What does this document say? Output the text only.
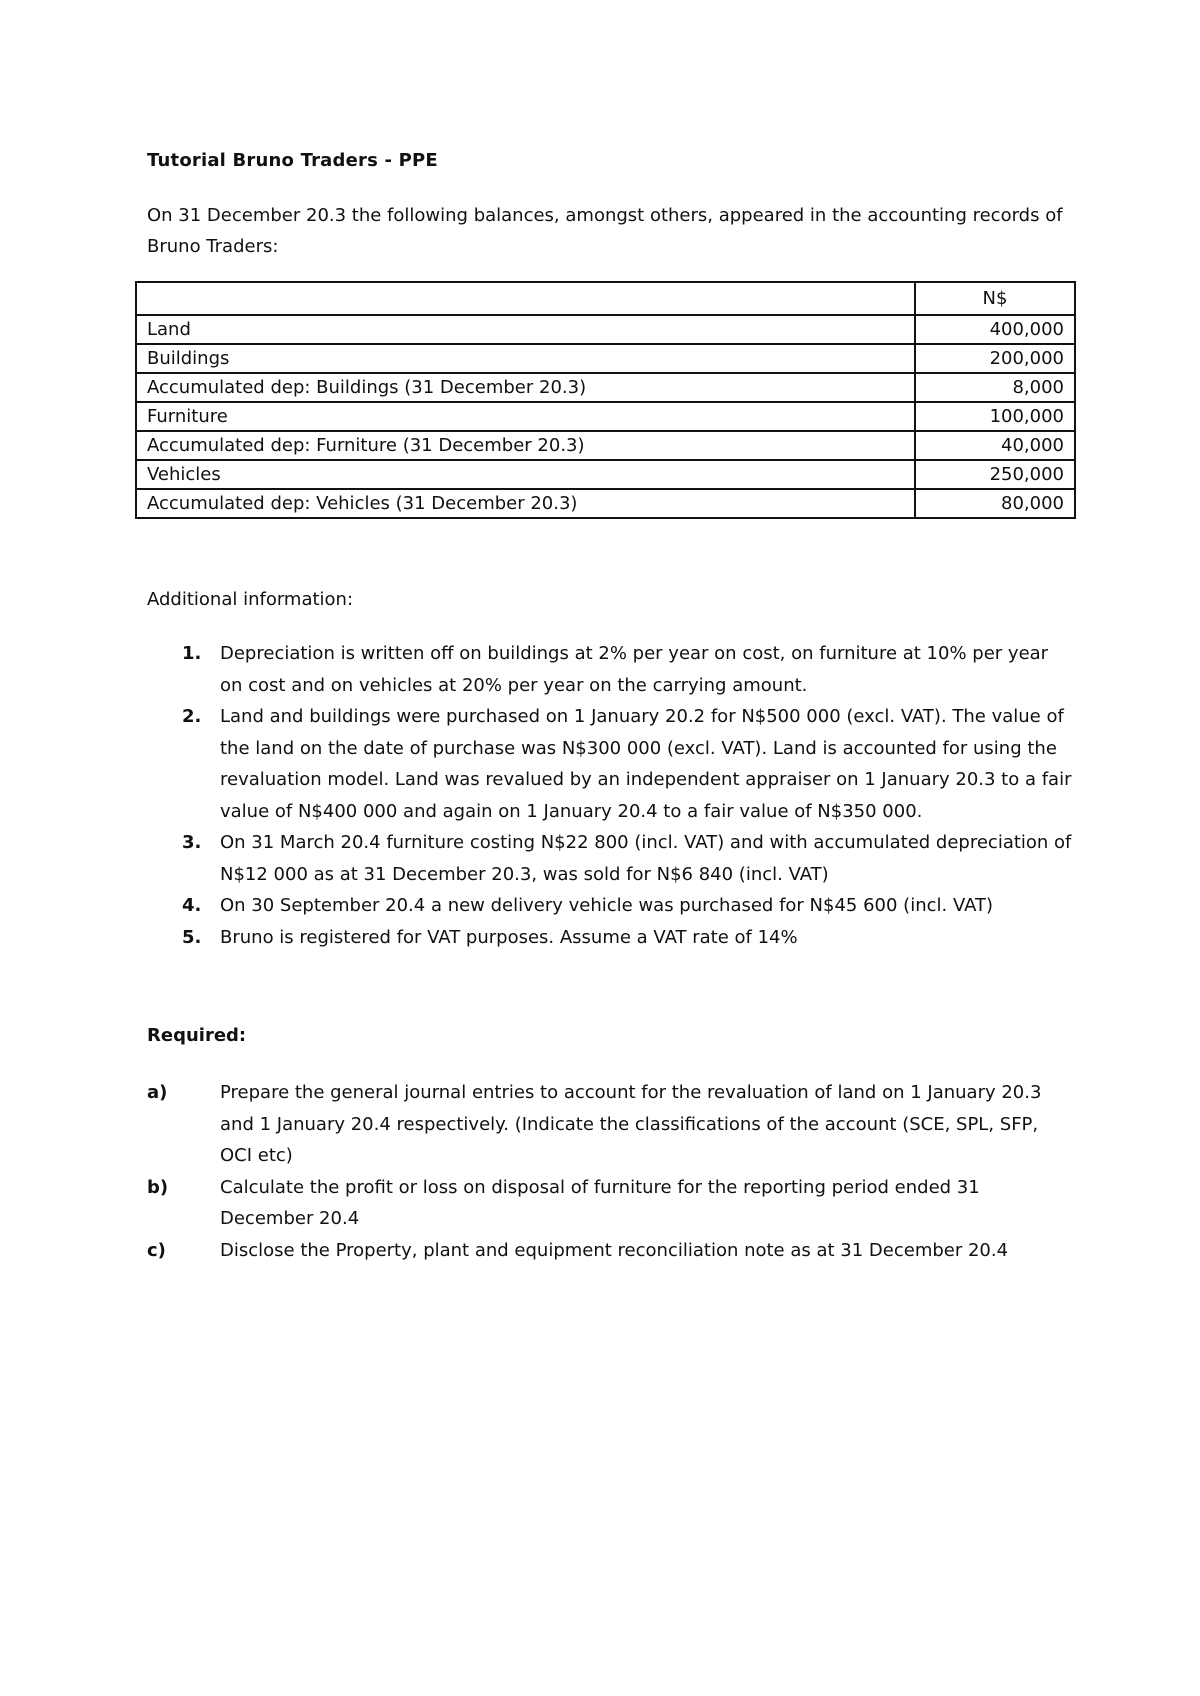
Tutorial Bruno Traders - PPE
On 31 December 20.3 the following balances, amongst others, appeared in the accounting records of Bruno Traders:
	N$
Land	400,000
Buildings	200,000
Accumulated dep: Buildings (31 December 20.3)	8,000
Furniture	100,000
Accumulated dep: Furniture (31 December 20.3)	40,000
Vehicles	250,000
Accumulated dep: Vehicles (31 December 20.3)	80,000
Additional information:
1.	Depreciation is written off on buildings at 2% per year on cost, on furniture at 10% per year on cost and on vehicles at 20% per year on the carrying amount.
2.	Land and buildings were purchased on 1 January 20.2 for N$500 000 (excl. VAT). The value of the land on the date of purchase was N$300 000 (excl. VAT). Land is accounted for using the revaluation model. Land was revalued by an independent appraiser on 1 January 20.3 to a fair value of N$400 000 and again on 1 January 20.4 to a fair value of N$350 000.
3.	On 31 March 20.4 furniture costing N$22 800 (incl. VAT) and with accumulated depreciation of N$12 000 as at 31 December 20.3, was sold for N$6 840 (incl. VAT)
4.	On 30 September 20.4 a new delivery vehicle was purchased for N$45 600 (incl. VAT)
5.	Bruno is registered for VAT purposes. Assume a VAT rate of 14%
Required:
a)	Prepare the general journal entries to account for the revaluation of land on 1 January 20.3 and 1 January 20.4 respectively. (Indicate the classifications of the account (SCE, SPL, SFP, OCI etc)
b)	Calculate the profit or loss on disposal of furniture for the reporting period ended 31 December 20.4
c)	Disclose the Property, plant and equipment reconciliation note as at 31 December 20.4
